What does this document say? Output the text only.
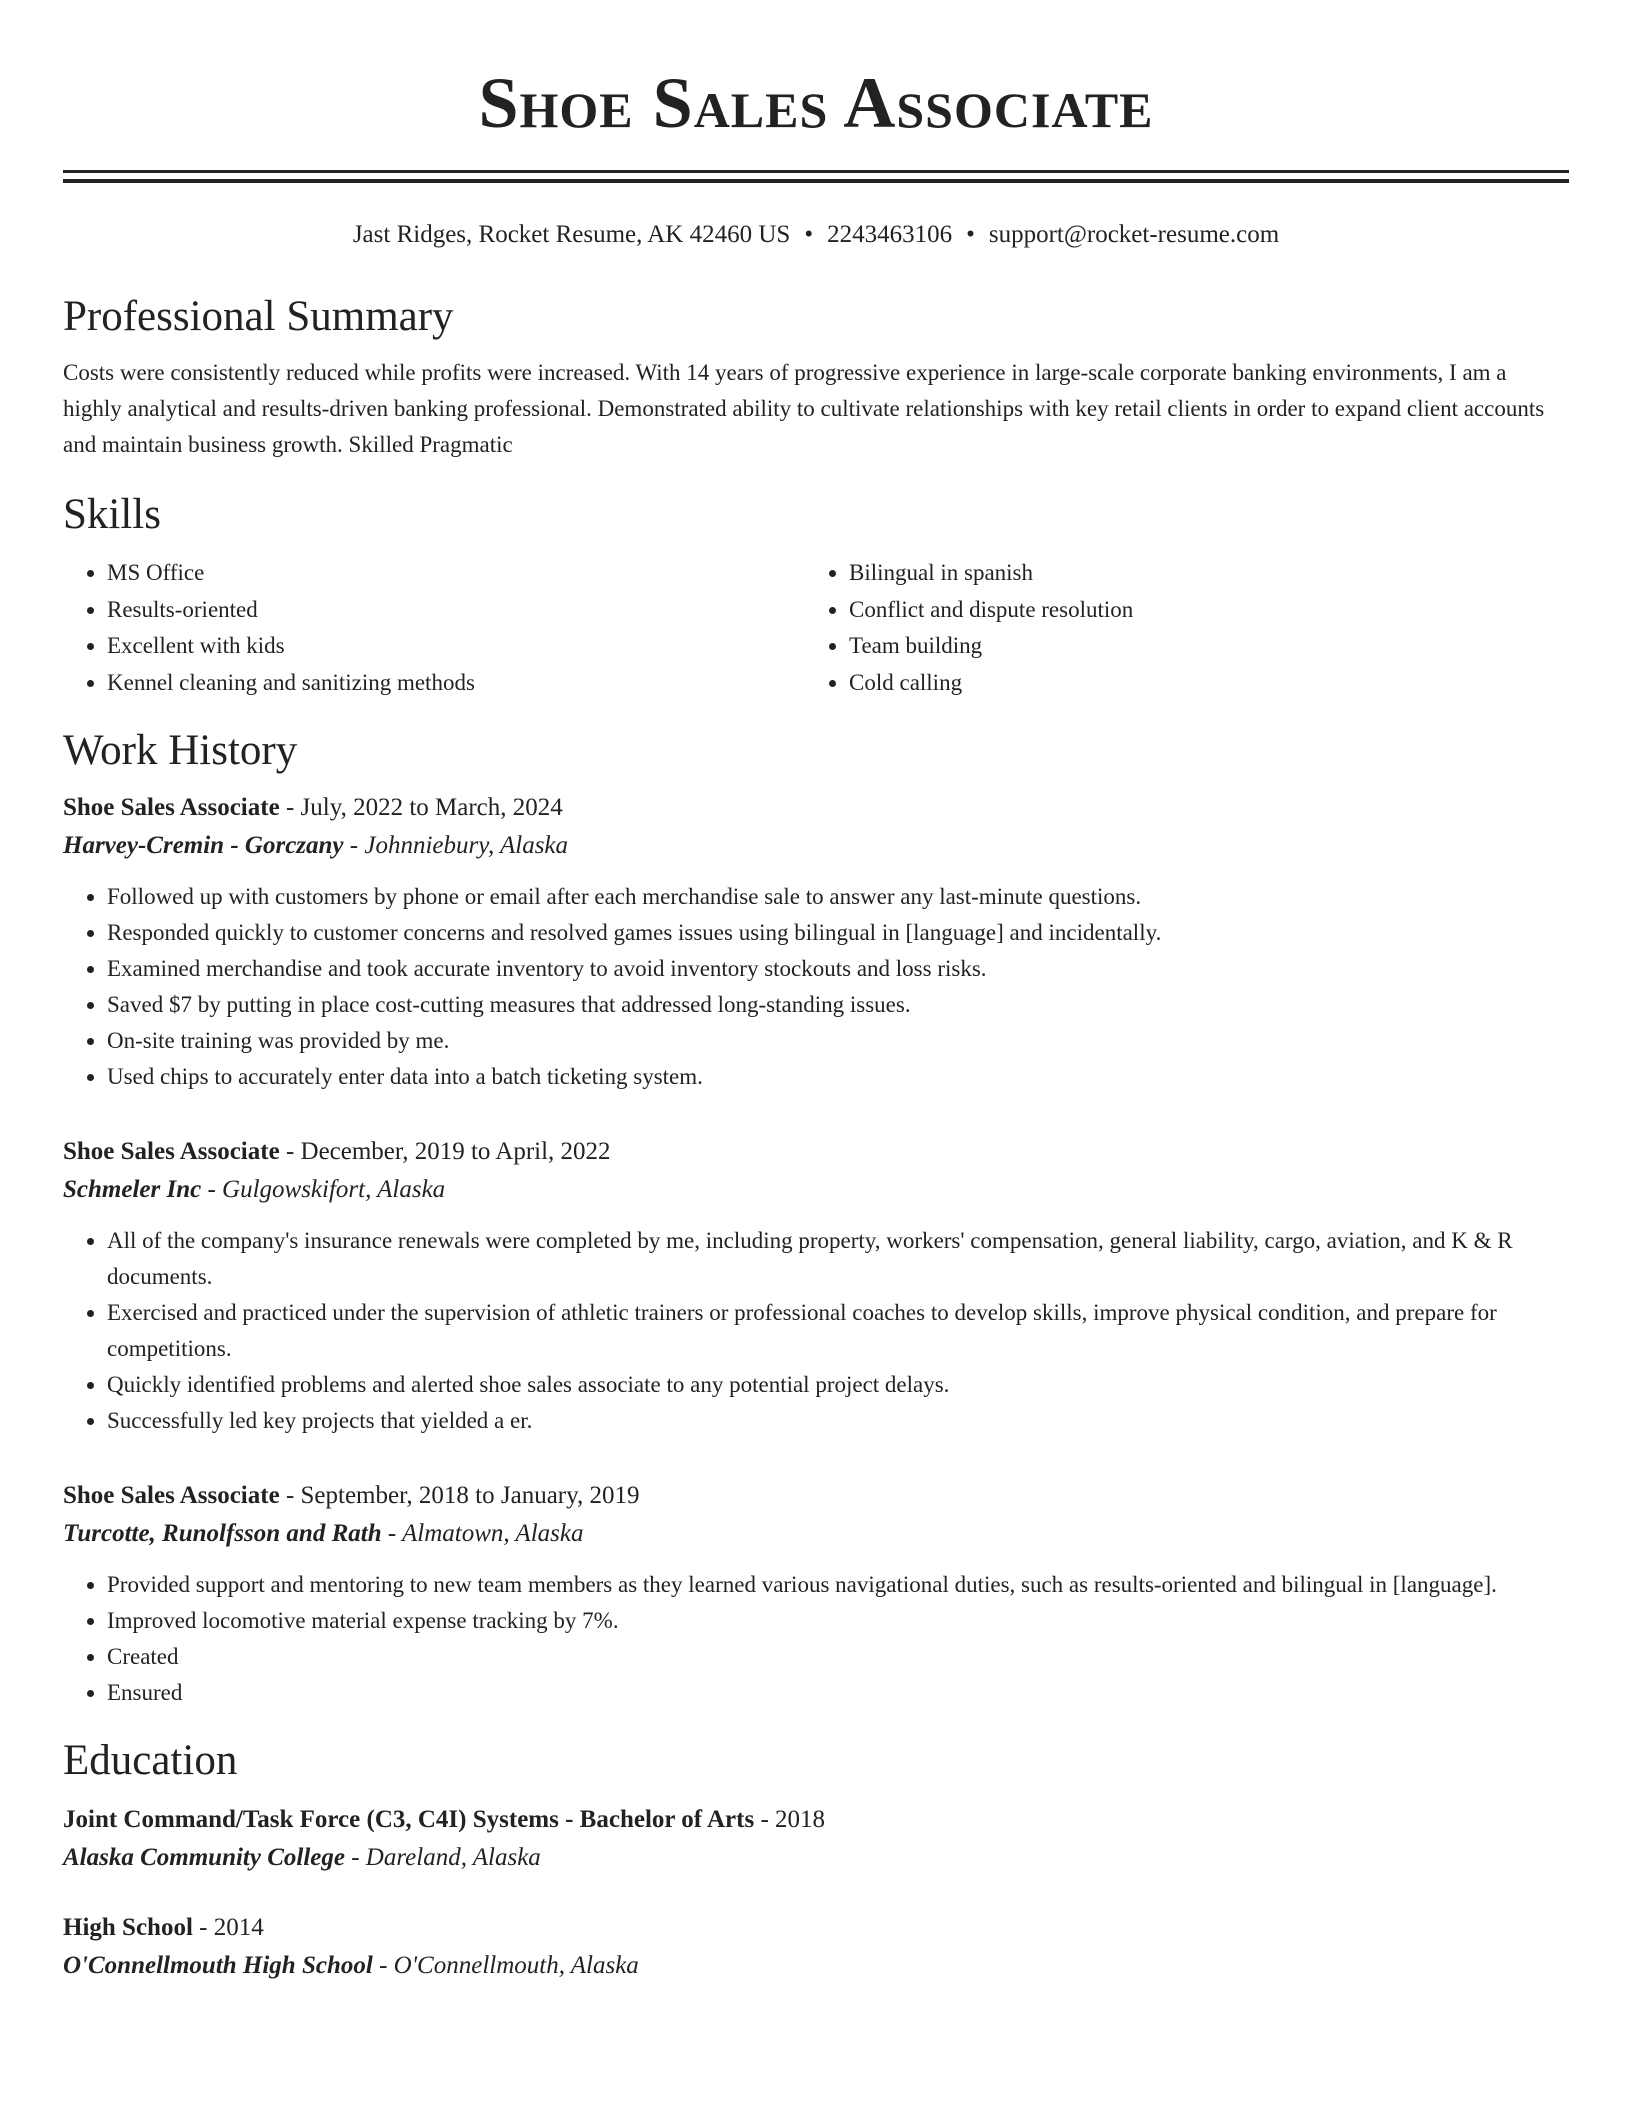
Shoe Sales Associate
Jast Ridges, Rocket Resume, AK 42460 US • 2243463106 • support@rocket-resume.com
Professional Summary

Costs were consistently reduced while profits were increased. With 14 years of progressive experience in large-scale corporate banking environments, I am a highly analytical and results-driven banking professional. Demonstrated ability to cultivate relationships with key retail clients in order to expand client accounts and maintain business growth. Skilled Pragmatic

Skills
• MS Office
• Results-oriented
• Excellent with kids
• Kennel cleaning and sanitizing methods
• Bilingual in spanish
• Conflict and dispute resolution
• Team building
• Cold calling
Work History

Shoe Sales Associate - July, 2022 to March, 2024

Harvey-Cremin - Gorczany - Johnniebury, Alaska

• Followed up with customers by phone or email after each merchandise sale to answer any last-minute questions.
• Responded quickly to customer concerns and resolved games issues using bilingual in [language] and incidentally.
• Examined merchandise and took accurate inventory to avoid inventory stockouts and loss risks.
• Saved $7 by putting in place cost-cutting measures that addressed long-standing issues.
• On-site training was provided by me.
• Used chips to accurately enter data into a batch ticketing system.

Shoe Sales Associate - December, 2019 to April, 2022

Schmeler Inc - Gulgowskifort, Alaska

• All of the company's insurance renewals were completed by me, including property, workers' compensation, general liability, cargo, aviation, and K & R documents.
• Exercised and practiced under the supervision of athletic trainers or professional coaches to develop skills, improve physical condition, and prepare for competitions.
• Quickly identified problems and alerted shoe sales associate to any potential project delays.
• Successfully led key projects that yielded a er.

Shoe Sales Associate - September, 2018 to January, 2019

Turcotte, Runolfsson and Rath - Almatown, Alaska

• Provided support and mentoring to new team members as they learned various navigational duties, such as results-oriented and bilingual in [language].
• Improved locomotive material expense tracking by 7%.
• Created
• Ensured
Education

Joint Command/Task Force (C3, C4I) Systems - Bachelor of Arts - 2018

Alaska Community College - Dareland, Alaska

High School - 2014

O'Connellmouth High School - O'Connellmouth, Alaska
